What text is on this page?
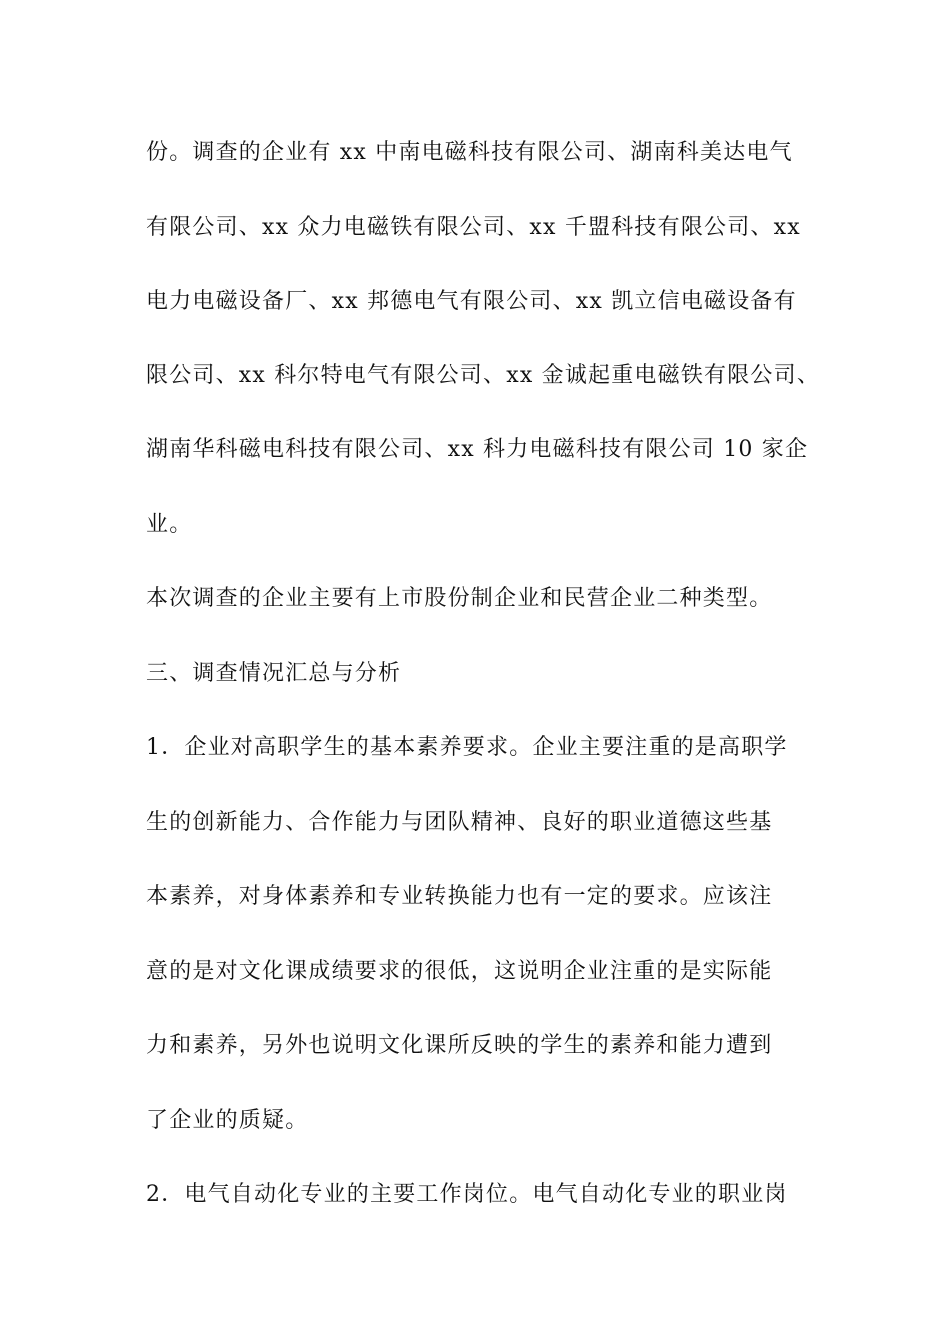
份。调查的企业有 xx 中南电磁科技有限公司、湖南科美达电气
有限公司、xx 众力电磁铁有限公司、xx 千盟科技有限公司、xx
电力电磁设备厂、xx 邦德电气有限公司、xx 凯立信电磁设备有
限公司、xx 科尔特电气有限公司、xx 金诚起重电磁铁有限公司、
湖南华科磁电科技有限公司、xx 科力电磁科技有限公司 10 家企
业。
本次调查的企业主要有上市股份制企业和民营企业二种类型。
三、调查情况汇总与分析
1．企业对高职学生的基本素养要求。企业主要注重的是高职学
生的创新能力、合作能力与团队精神、良好的职业道德这些基
本素养，对身体素养和专业转换能力也有一定的要求。应该注
意的是对文化课成绩要求的很低，这说明企业注重的是实际能
力和素养，另外也说明文化课所反映的学生的素养和能力遭到
了企业的质疑。
2．电气自动化专业的主要工作岗位。电气自动化专业的职业岗
